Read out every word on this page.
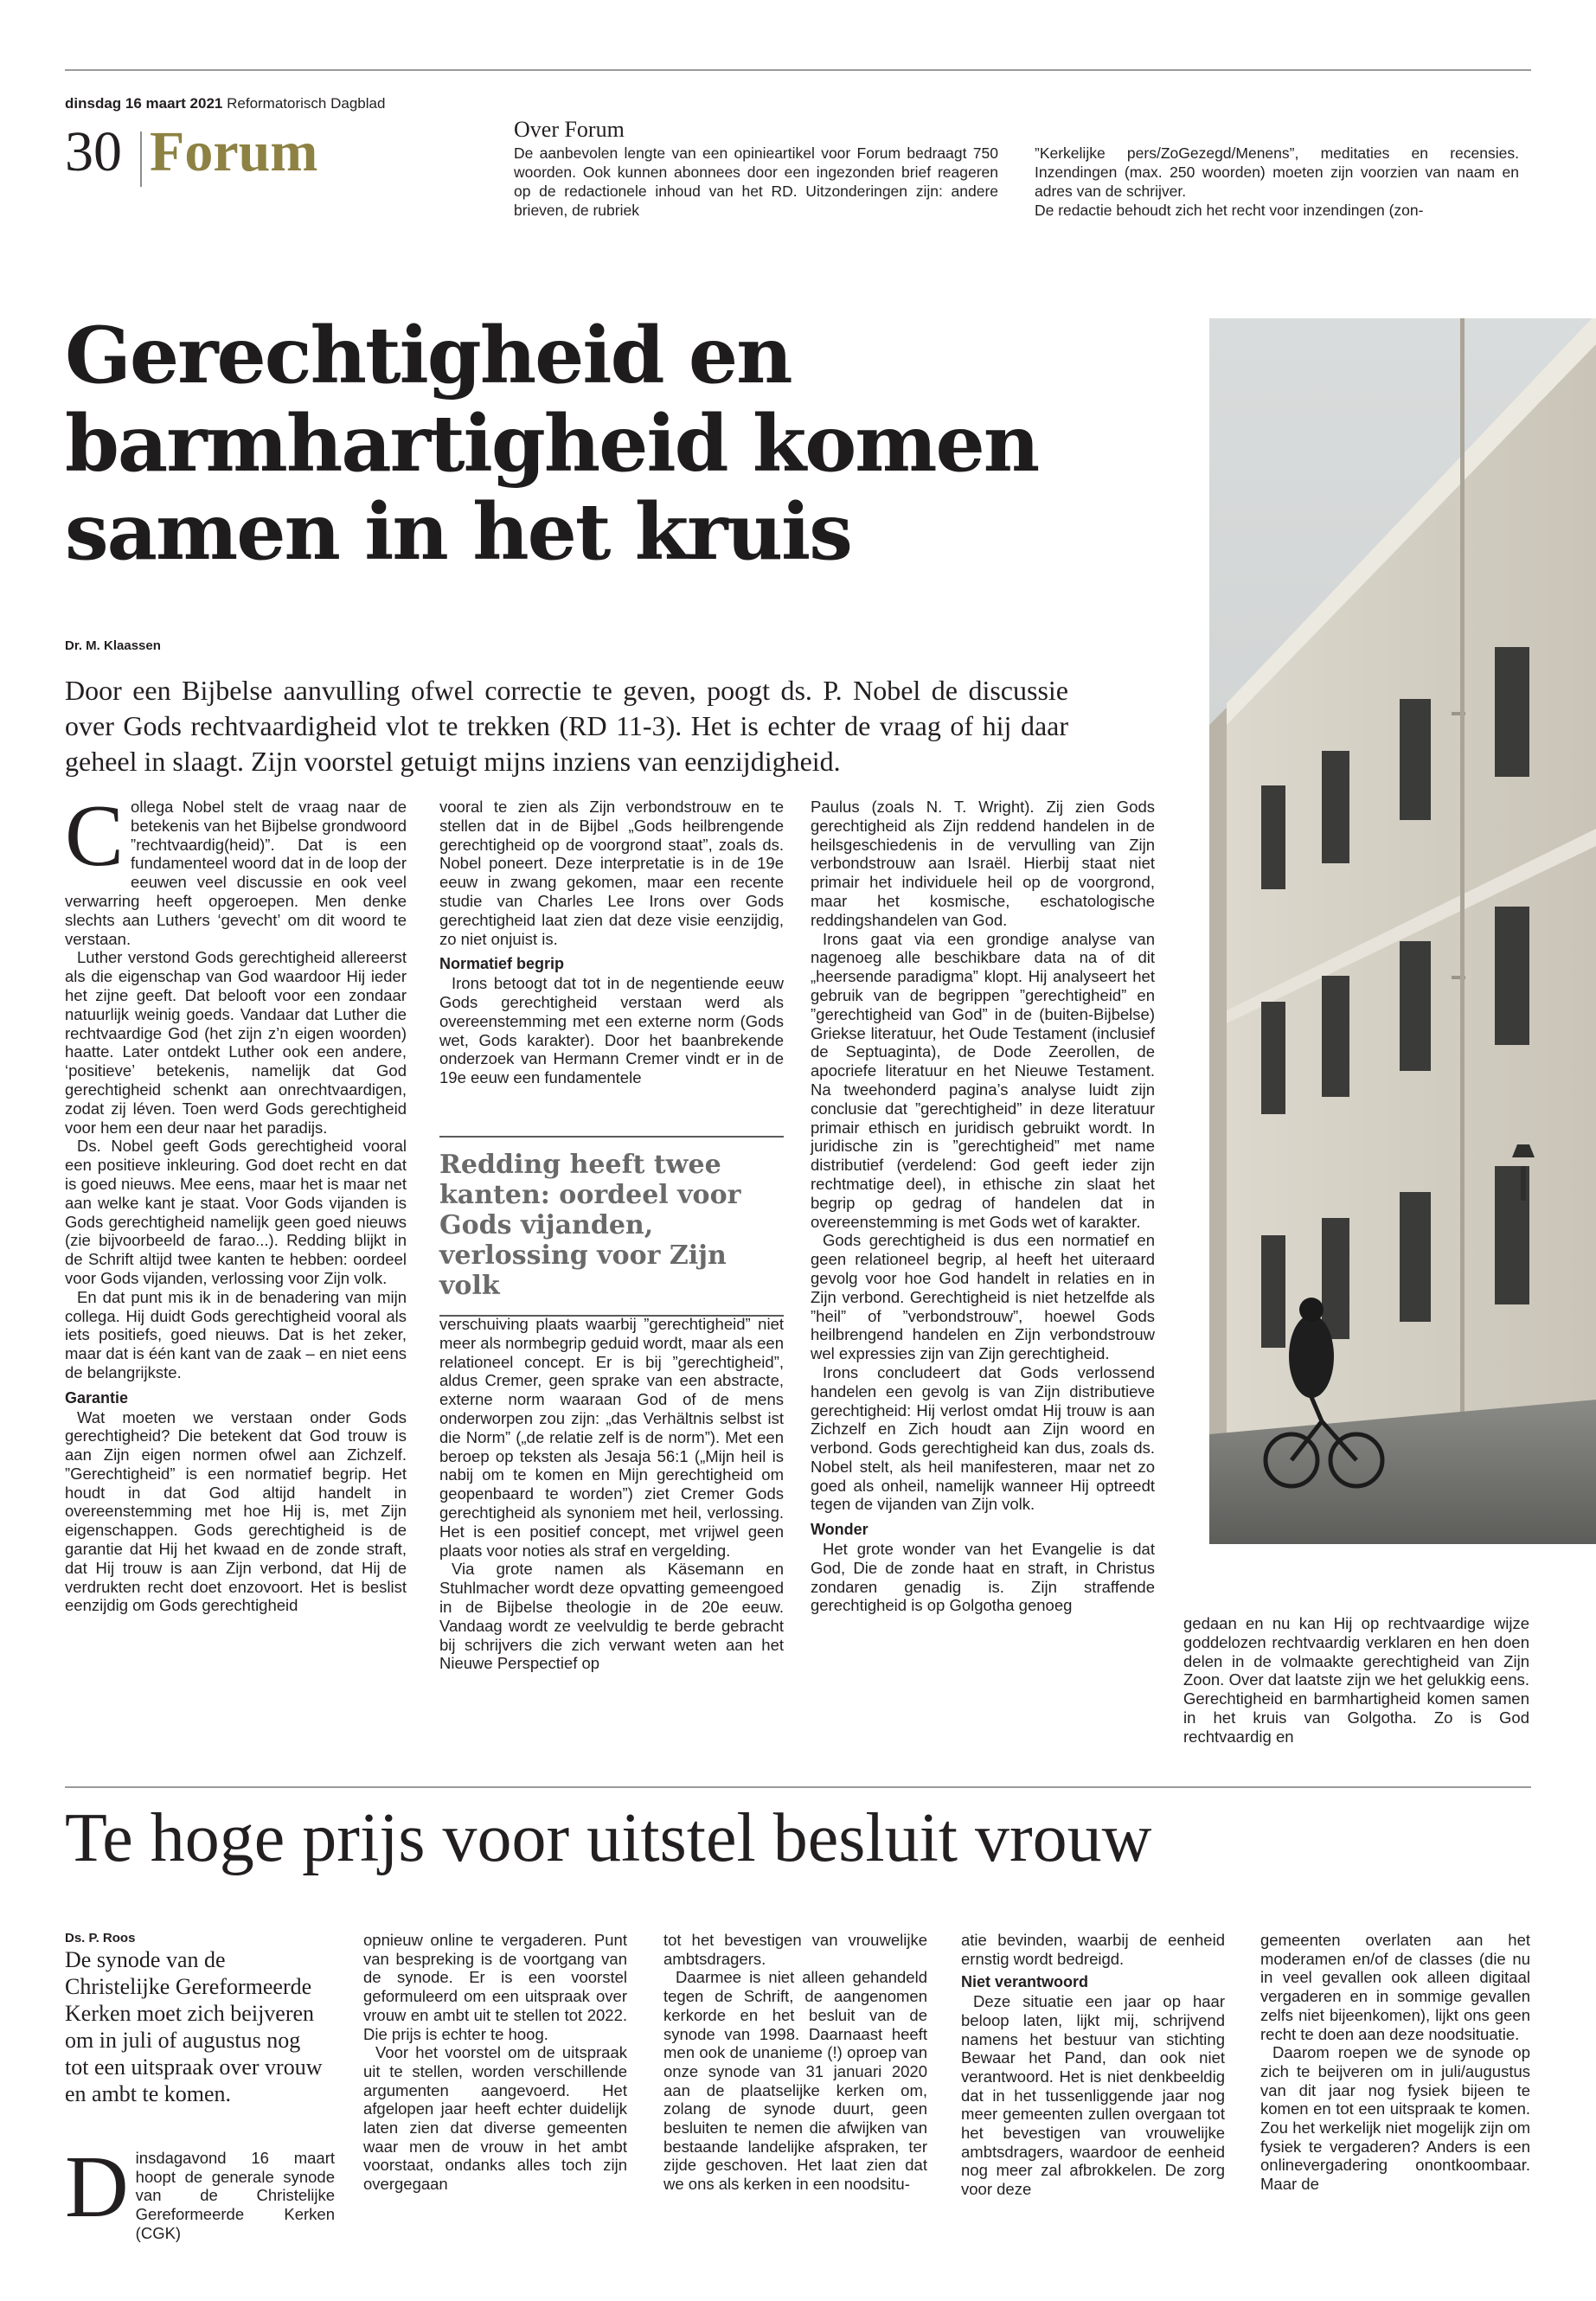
dinsdag 16 maart 2021 Reformatorisch Dagblad
30 Forum	Over Forum
De aanbevolen lengte van een opinieartikel voor Forum bedraagt 750 woorden. Ook kunnen abonnees door een ingezonden brief reageren op de redactionele inhoud van het RD. Uitzonderingen zijn: andere brieven, de rubriek
”Kerkelijke pers/ZoGezegd/Menens”, meditaties en recensies. Inzendingen (max. 250 woorden) moeten zijn voorzien van naam en adres van de schrijver.
De redactie behoudt zich het recht voor inzendingen (zon-
Gerechtigheid en barmhartigheid komen samen in het kruis
Dr. M. Klaassen
Door een Bijbelse aanvulling ofwel correctie te geven, poogt ds. P. Nobel de discussie over Gods rechtvaardigheid vlot te trekken (RD 11-3). Het is echter de vraag of hij daar geheel in slaagt. Zijn voorstel getuigt mijns inziens van eenzijdigheid.

Collega Nobel stelt de vraag naar de betekenis van het Bijbelse grondwoord ”rechtvaardig(heid)”. Dat is een fundamenteel woord dat in de loop der eeuwen veel discussie en ook veel verwarring heeft opgeroepen. Men denke slechts aan Luthers ‘gevecht’ om dit woord te verstaan.

Luther verstond Gods gerechtigheid allereerst als die eigenschap van God waardoor Hij ieder het zijne geeft. Dat belooft voor een zondaar natuurlijk weinig goeds. Vandaar dat Luther die rechtvaardige God (het zijn z’n eigen woorden) haatte. Later ontdekt Luther ook een andere, ‘positieve’ betekenis, namelijk dat God gerechtigheid schenkt aan onrechtvaardigen, zodat zij léven. Toen werd Gods gerechtigheid voor hem een deur naar het paradijs.

Ds. Nobel geeft Gods gerechtigheid vooral een positieve inkleuring. God doet recht en dat is goed nieuws. Mee eens, maar het is maar net aan welke kant je staat. Voor Gods vijanden is Gods gerechtigheid namelijk geen goed nieuws (zie bijvoorbeeld de farao...). Redding blijkt in de Schrift altijd twee kanten te hebben: oordeel voor Gods vijanden, verlossing voor Zijn volk.

En dat punt mis ik in de benadering van mijn collega. Hij duidt Gods gerechtigheid vooral als iets positiefs, goed nieuws. Dat is het zeker, maar dat is één kant van de zaak – en niet eens de belangrijkste.

Garantie

Wat moeten we verstaan onder Gods gerechtigheid? Die betekent dat God trouw is aan Zijn eigen normen ofwel aan Zichzelf. ”Gerechtigheid” is een normatief begrip. Het houdt in dat God altijd handelt in overeenstemming met hoe Hij is, met Zijn eigenschappen. Gods gerechtigheid is de garantie dat Hij het kwaad en de zonde straft, dat Hij trouw is aan Zijn verbond, dat Hij de verdrukten recht doet enzovoort. Het is beslist eenzijdig om Gods gerechtigheid

vooral te zien als Zijn verbondstrouw en te stellen dat in de Bijbel „Gods heilbrengende gerechtigheid op de voorgrond staat”, zoals ds. Nobel poneert. Deze interpretatie is in de 19e eeuw in zwang gekomen, maar een recente studie van Charles Lee Irons over Gods gerechtigheid laat zien dat deze visie eenzijdig, zo niet onjuist is.

Normatief begrip

Irons betoogt dat tot in de negentiende eeuw Gods gerechtigheid verstaan werd als overeenstemming met een externe norm (Gods wet, Gods karakter). Door het baanbrekende onderzoek van Hermann Cremer vindt er in de 19e eeuw een fundamentele

Redding heeft twee kanten: oordeel voor Gods vijanden, verlossing voor Zijn volk

verschuiving plaats waarbij ”gerechtigheid” niet meer als normbegrip geduid wordt, maar als een relationeel concept. Er is bij ”gerechtigheid”, aldus Cremer, geen sprake van een abstracte, externe norm waaraan God of de mens onderworpen zou zijn: „das Verhältnis selbst ist die Norm” („de relatie zelf is de norm”). Met een beroep op teksten als Jesaja 56:1 („Mijn heil is nabij om te komen en Mijn gerechtigheid om geopenbaard te worden”) ziet Cremer Gods gerechtigheid als synoniem met heil, verlossing. Het is een positief concept, met vrijwel geen plaats voor noties als straf en vergelding.

Via grote namen als Käsemann en Stuhlmacher wordt deze opvatting gemeengoed in de Bijbelse theologie in de 20e eeuw. Vandaag wordt ze veelvuldig te berde gebracht bij schrijvers die zich verwant weten aan het Nieuwe Perspectief op

Paulus (zoals N. T. Wright). Zij zien Gods gerechtigheid als Zijn reddend handelen in de heilsgeschiedenis in de vervulling van Zijn verbondstrouw aan Israël. Hierbij staat niet primair het individuele heil op de voorgrond, maar het kosmische, eschatologische reddingshandelen van God.

Irons gaat via een grondige analyse van nagenoeg alle beschikbare data na of dit „heersende paradigma” klopt. Hij analyseert het gebruik van de begrippen ”gerechtigheid” en ”gerechtigheid van God” in de (buiten-Bijbelse) Griekse literatuur, het Oude Testament (inclusief de Septuaginta), de Dode Zeerollen, de apocriefe literatuur en het Nieuwe Testament. Na tweehonderd pagina’s analyse luidt zijn conclusie dat ”gerechtigheid” in deze literatuur primair ethisch en juridisch gebruikt wordt. In juridische zin is ”gerechtigheid” met name distributief (verdelend: God geeft ieder zijn rechtmatige deel), in ethische zin slaat het begrip op gedrag of handelen dat in overeenstemming is met Gods wet of karakter.

Gods gerechtigheid is dus een normatief en geen relationeel begrip, al heeft het uiteraard gevolg voor hoe God handelt in relaties en in Zijn verbond. Gerechtigheid is niet hetzelfde als ”heil” of ”verbondstrouw”, hoewel Gods heilbrengend handelen en Zijn verbondstrouw wel expressies zijn van Zijn gerechtigheid.

Irons concludeert dat Gods verlossend handelen een gevolg is van Zijn distributieve gerechtigheid: Hij verlost omdat Hij trouw is aan Zichzelf en Zich houdt aan Zijn woord en verbond. Gods gerechtigheid kan dus, zoals ds. Nobel stelt, als heil manifesteren, maar net zo goed als onheil, namelijk wanneer Hij optreedt tegen de vijanden van Zijn volk.

Wonder

Het grote wonder van het Evangelie is dat God, Die de zonde haat en straft, in Christus zondaren genadig is. Zijn straffende gerechtigheid is op Golgotha genoeg

gedaan en nu kan Hij op rechtvaardige wijze goddelozen rechtvaardig verklaren en hen doen delen in de volmaakte gerechtigheid van Zijn Zoon. Over dat laatste zijn we het gelukkig eens. Gerechtigheid en barmhartigheid komen samen in het kruis van Golgotha. Zo is God rechtvaardig en

Te hoge prijs voor uitstel besluit vrouw
Ds. P. Roos
De synode van de Christelijke Gereformeerde Kerken moet zich beijveren om in juli of augustus nog tot een uitspraak over vrouw en ambt te komen.

Dinsdagavond 16 maart hoopt de generale synode van de Christelijke Gereformeerde Kerken (CGK)

opnieuw online te vergaderen. Punt van bespreking is de voortgang van de synode. Er is een voorstel geformuleerd om een uitspraak over vrouw en ambt uit te stellen tot 2022. Die prijs is echter te hoog.

Voor het voorstel om de uitspraak uit te stellen, worden verschillende argumenten aangevoerd. Het afgelopen jaar heeft echter duidelijk laten zien dat diverse gemeenten waar men de vrouw in het ambt voorstaat, ondanks alles toch zijn overgegaan

tot het bevestigen van vrouwelijke ambtsdragers.

Daarmee is niet alleen gehandeld tegen de Schrift, de aangenomen kerkorde en het besluit van de synode van 1998. Daarnaast heeft men ook de unanieme (!) oproep van onze synode van 31 januari 2020 aan de plaatselijke kerken om, zolang de synode duurt, geen besluiten te nemen die afwijken van bestaande landelijke afspraken, ter zijde geschoven. Het laat zien dat we ons als kerken in een noodsitu-

atie bevinden, waarbij de eenheid ernstig wordt bedreigd.

Niet verantwoord

Deze situatie een jaar op haar beloop laten, lijkt mij, schrijvend namens het bestuur van stichting Bewaar het Pand, dan ook niet verantwoord. Het is niet denkbeeldig dat in het tussenliggende jaar nog meer gemeenten zullen overgaan tot het bevestigen van vrouwelijke ambtsdragers, waardoor de eenheid nog meer zal afbrokkelen. De zorg voor deze

gemeenten overlaten aan het moderamen en/of de classes (die nu in veel gevallen ook alleen digitaal vergaderen en in sommige gevallen zelfs niet bijeenkomen), lijkt ons geen recht te doen aan deze noodsituatie.

Daarom roepen we de synode op zich te beijveren om in juli/augustus van dit jaar nog fysiek bijeen te komen en tot een uitspraak te komen. Zou het werkelijk niet mogelijk zijn om fysiek te vergaderen? Anders is een onlinevergadering onontkoombaar. Maar de
